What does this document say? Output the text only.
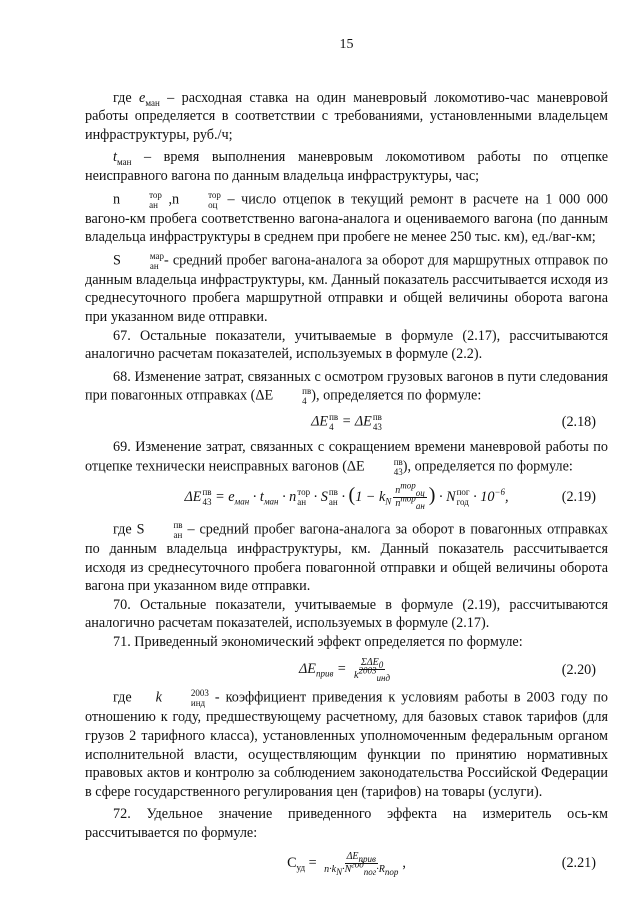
15

где $e_{ман}$ – расходная ставка на один маневровый локомотиво-час маневровой работы определяется в соответствии с требованиями, установленными владельцем инфраструктуры, руб./ч;

$t_{ман}$ – время выполнения маневровым локомотивом работы по отцепке неисправного вагона по данным владельца инфраструктуры, час;

n	тор
ан ,n	тор
оц – число отцепок в текущий ремонт в расчете на 1 000 000 вагоно-км пробега соответственно вагона-аналога и оцениваемого вагона (по данным владельца инфраструктуры в среднем при пробеге не менее 250 тыс. км), ед./ваг-км;

S	мар
ан - средний пробег вагона-аналога за оборот для маршрутных отправок по данным владельца инфраструктуры, км. Данный показатель рассчитывается исходя из среднесуточного пробега маршрутной отправки и общей величины оборота вагона при указанном виде отправки.

67. Остальные показатели, учитываемые в формуле (2.17), рассчитываются аналогично расчетам показателей, используемых в формуле (2.2).

68. Изменение затрат, связанных с осмотром грузовых вагонов в пути следования при повагонных отправках (ΔE	пв
4 ), определяется по формуле:

ΔE пв
4 = ΔE пв
43	(2.18)

69. Изменение затрат, связанных с сокращением времени маневровой работы по отцепке технически неисправных вагонов (ΔE	пв
43 ), определяется по формуле:

ΔE пв
$43 = e_{ман} \cdot t_{ман} \cdot n$ тор
ан · S пв
ан · ($1 - k_N \frac{n^{тор}_{оц}}{n^{тор}_{ан}}$ ) · N пог
год · $10^{-6}$,	(2.19)

где S	пв
ан – средний пробег вагона-аналога за оборот в повагонных отправках по данным владельца инфраструктуры, км. Данный показатель рассчитывается исходя из среднесуточного пробега повагонной отправки и общей величины оборота вагона при указанном виде отправки.

70. Остальные показатели, учитываемые в формуле (2.19), рассчитываются аналогично расчетам показателей, используемых в формуле (2.17).

71. Приведенный экономический эффект определяется по формуле:

$\Delta E_{прив} = \frac{\Sigma\Delta E_0}{k^{2003}_{инд}}$	(2.20)

где    k	2003
инд - коэффициент приведения к условиям работы в 2003 году по отношению к году, предшествующему расчетному, для базовых ставок тарифов (для грузов 2 тарифного класса), установленных уполномоченным федеральным органом исполнительной власти, осуществляющим функции по принятию нормативных правовых актов и контролю за соблюдением законодательства Российской Федерации в сфере государственного регулирования цен (тарифов) на товары (услуги).

72. Удельное значение приведенного эффекта на измеритель ось-км рассчитывается по формуле:

$C_{уд} = \frac{\Delta E_{прив}}{n\cdot k_N\cdot N^{год}_{пог}\cdot R_{пор}}$ ,	(2.21)
